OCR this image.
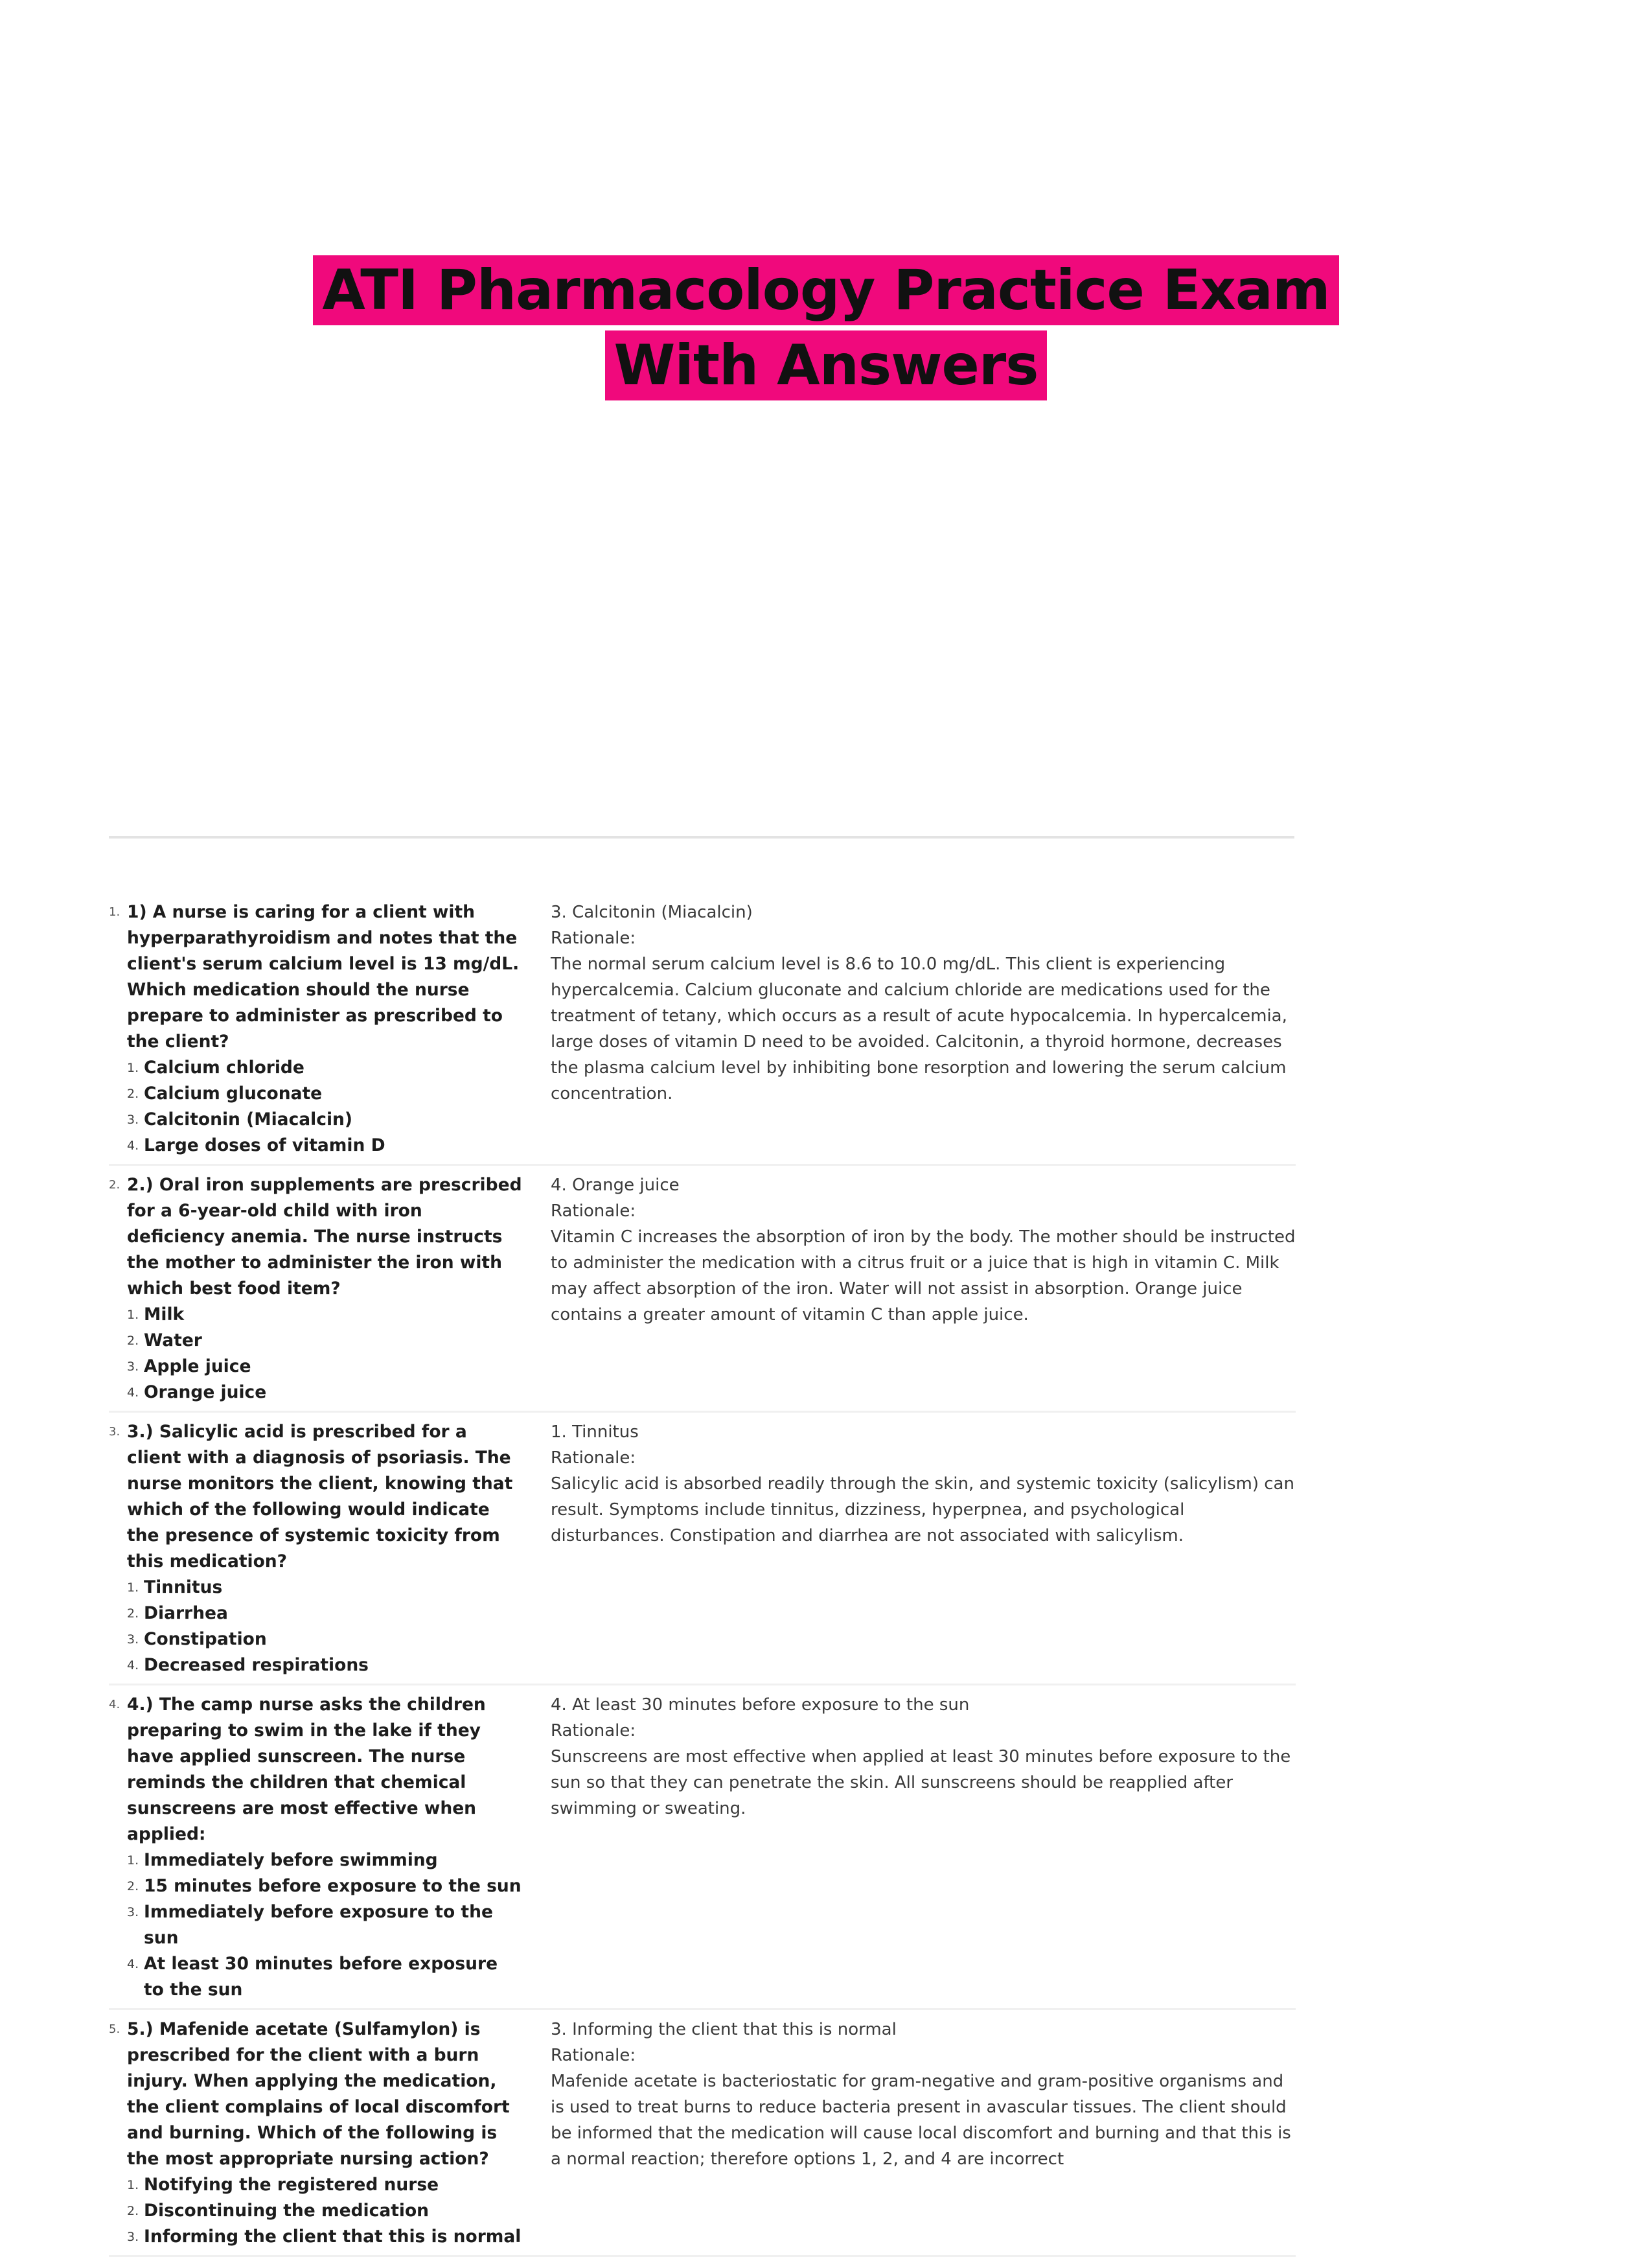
ATI Pharmacology Practice Exam With Answers
1. 1) A nurse is caring for a client with hyperparathyroidism and notes that the client's serum calcium level is 13 mg/dL. Which medication should the nurse prepare to administer as prescribed to the client?
1. Calcium chloride
2. Calcium gluconate
3. Calcitonin (Miacalcin)
4. Large doses of vitamin D
3. Calcitonin (Miacalcin)
Rationale:
The normal serum calcium level is 8.6 to 10.0 mg/dL. This client is experiencing hypercalcemia. Calcium gluconate and calcium chloride are medications used for the treatment of tetany, which occurs as a result of acute hypocalcemia. In hypercalcemia, large doses of vitamin D need to be avoided. Calcitonin, a thyroid hormone, decreases the plasma calcium level by inhibiting bone resorption and lowering the serum calcium concentration.
2. 2.) Oral iron supplements are prescribed for a 6-year-old child with iron deficiency anemia. The nurse instructs the mother to administer the iron with which best food item?
1. Milk
2. Water
3. Apple juice
4. Orange juice
4. Orange juice
Rationale:
Vitamin C increases the absorption of iron by the body. The mother should be instructed to administer the medication with a citrus fruit or a juice that is high in vitamin C. Milk may affect absorption of the iron. Water will not assist in absorption. Orange juice contains a greater amount of vitamin C than apple juice.
3. 3.) Salicylic acid is prescribed for a client with a diagnosis of psoriasis. The nurse monitors the client, knowing that which of the following would indicate the presence of systemic toxicity from this medication?
1. Tinnitus
2. Diarrhea
3. Constipation
4. Decreased respirations
1. Tinnitus
Rationale:
Salicylic acid is absorbed readily through the skin, and systemic toxicity (salicylism) can result. Symptoms include tinnitus, dizziness, hyperpnea, and psychological disturbances. Constipation and diarrhea are not associated with salicylism.
4. 4.) The camp nurse asks the children preparing to swim in the lake if they have applied sunscreen. The nurse reminds the children that chemical sunscreens are most effective when applied:
1. Immediately before swimming
2. 15 minutes before exposure to the sun
3. Immediately before exposure to the sun
4. At least 30 minutes before exposure to the sun
4. At least 30 minutes before exposure to the sun
Rationale:
Sunscreens are most effective when applied at least 30 minutes before exposure to the sun so that they can penetrate the skin. All sunscreens should be reapplied after swimming or sweating.
5. 5.) Mafenide acetate (Sulfamylon) is prescribed for the client with a burn injury. When applying the medication, the client complains of local discomfort and burning. Which of the following is the most appropriate nursing action?
1. Notifying the registered nurse
2. Discontinuing the medication
3. Informing the client that this is normal
3. Informing the client that this is normal
Rationale:
Mafenide acetate is bacteriostatic for gram-negative and gram-positive organisms and is used to treat burns to reduce bacteria present in avascular tissues. The client should be informed that the medication will cause local discomfort and burning and that this is a normal reaction; therefore options 1, 2, and 4 are incorrect
